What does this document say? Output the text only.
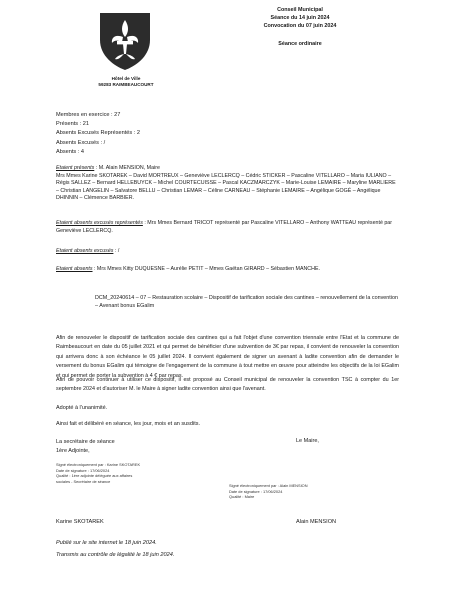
Hôtel de Ville
59283 RAIMBEAUCOURT
Conseil Municipal
Séance du 14 juin 2024
Convocation du 07 juin 2024
Séance ordinaire
Membres en exercice : 27
Présents : 21
Absents Excusés Représentés : 2
Absents Excusés : /
Absents : 4
Etaient présents : M. Alain MENSION, Maire
Mrs Mmes Karine SKOTAREK – David MORTREUX – Geneviève LECLERCQ – Cédric STICKER – Pascaline VITELLARO – Maria IULIANO – Régis SALLEZ – Bernard HELLEBUYCK – Michel COURTECUISSE – Pascal KACZMARCZYK – Marie-Louise LEMAIRE – Maryline MARLIERE – Christian LANGELIN – Salvatore BELLU – Christian LEMAR – Céline CARNEAU – Stéphanie LEMAIRE – Angélique GOGÉ – Angélique DHINNIN – Clémence BARBIER.
Etaient absents excusés représentés : Mrs Mmes Bernard TRICOT représenté par Pascaline VITELLARO – Anthony WATTEAU représenté par Geneviève LECLERCQ.
Etaient absents excusés : /
Etaient absents : Mrs Mmes Kitty DUQUESNE – Aurélie PETIT – Mmes Gaëtan GIRARD – Sébastien MANCHE.
DCM_20240614 – 07 – Restauration scolaire – Dispositif de tarification sociale des cantines – renouvellement de la convention – Avenant bonus EGalim
Afin de renouveler le dispositif de tarification sociale des cantines qui a fait l'objet d'une convention triennale entre l'Etat et la commune de Raimbeaucourt en date du 05 juillet 2021 et qui permet de bénéficier d'une subvention de 3€ par repas, il convient de renouveler la convention qui arrivera donc à son échéance le 05 juillet 2024. Il convient également de signer un avenant à ladite convention afin de demander le versement du bonus EGalim qui témoigne de l'engagement de la commune à tout mettre en œuvre pour atteindre les objectifs de la loi EGalim et qui permet de porter la subvention à 4 € par repas.
Afin de pouvoir continuer à utiliser ce dispositif, il est proposé au Conseil municipal de renouveler la convention TSC à compter du 1er septembre 2024 et d'autoriser M. le Maire à signer ladite convention ainsi que l'avenant.
Adopté à l'unanimité.
Ainsi fait et délibéré en séance, les jour, mois et an susdits.
La secrétaire de séance
1ère Adjointe,
Le Maire,
Signé électroniquement par : Karine SKOTAREK
Date de signature : 17/06/2024
Qualité : 1ère adjointe déléguée aux affaires
sociales - Secrétaire de séance
Signé électroniquement par : Alain MENSION
Date de signature : 17/06/2024
Qualité : Maire
Karine SKOTAREK	Alain MENSION
Publié sur le site internet le 18 juin 2024.
Transmis au contrôle de légalité le 18 juin 2024.
